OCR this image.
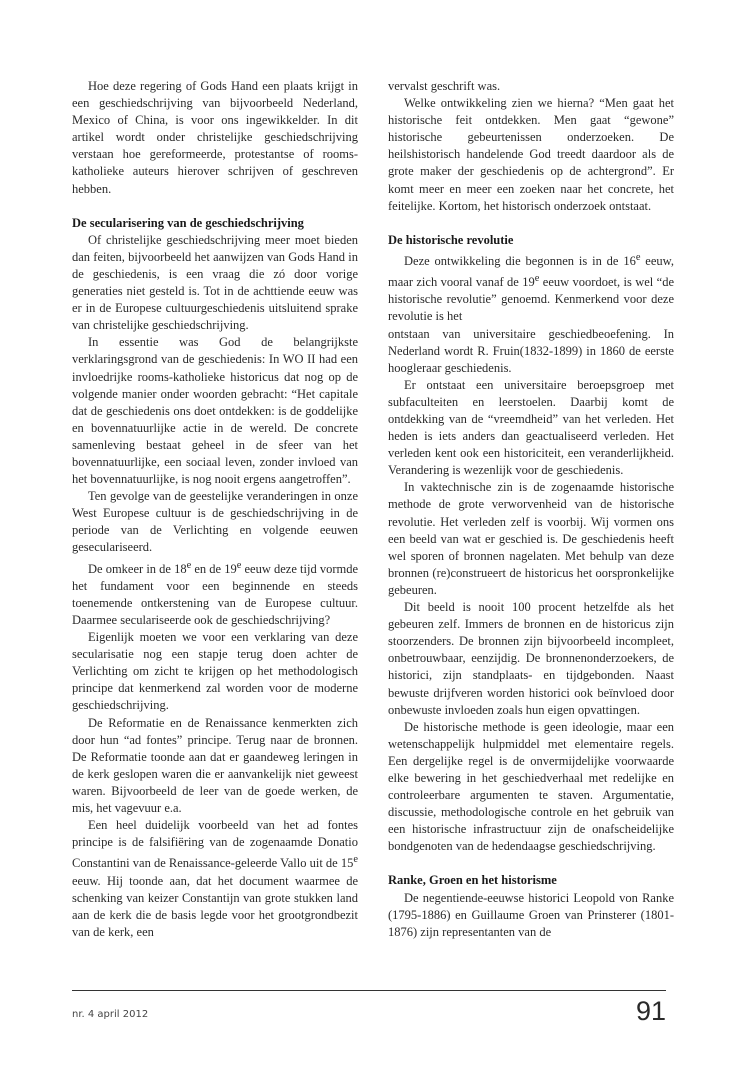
Hoe deze regering of Gods Hand een plaats krijgt in een geschiedschrijving van bijvoorbeeld Nederland, Mexico of China, is voor ons ingewikkelder. In dit artikel wordt onder christelijke geschiedschrijving verstaan hoe gereformeerde, protestantse of rooms-katholieke auteurs hierover schrijven of geschreven hebben.

De secularisering van de geschiedschrijving

Of christelijke geschiedschrijving meer moet bieden dan feiten, bijvoorbeeld het aanwijzen van Gods Hand in de geschiedenis, is een vraag die zó door vorige generaties niet gesteld is. Tot in de achttiende eeuw was er in de Europese cultuurgeschiedenis uitsluitend sprake van christelijke geschiedschrijving.

In essentie was God de belangrijkste verklaringsgrond van de geschiedenis: In WO II had een invloedrijke rooms-katholieke historicus dat nog op de volgende manier onder woorden gebracht: “Het capitale dat de geschiedenis ons doet ontdekken: is de goddelijke en bovennatuurlijke actie in de wereld. De concrete samenleving bestaat geheel in de sfeer van het bovennatuurlijke, een sociaal leven, zonder invloed van het bovennatuurlijke, is nog nooit ergens aangetroffen”.

Ten gevolge van de geestelijke veranderingen in onze West Europese cultuur is de geschiedschrijving in de periode van de Verlichting en volgende eeuwen geseculariseerd.

De omkeer in de 18e en de 19e eeuw deze tijd vormde het fundament voor een beginnende en steeds toenemende ontkerstening van de Europese cultuur. Daarmee seculariseerde ook de geschiedschrijving?

Eigenlijk moeten we voor een verklaring van deze secularisatie nog een stapje terug doen achter de Verlichting om zicht te krijgen op het methodologisch principe dat kenmerkend zal worden voor de moderne geschiedschrijving.

De Reformatie en de Renaissance kenmerkten zich door hun “ad fontes” principe. Terug naar de bronnen. De Reformatie toonde aan dat er gaandeweg leringen in de kerk geslopen waren die er aanvankelijk niet geweest waren. Bijvoorbeeld de leer van de goede werken, de mis, het vagevuur e.a.

Een heel duidelijk voorbeeld van het ad fontes principe is de falsifiëring van de zogenaamde Donatio Constantini van de Renaissance-geleerde Vallo uit de 15e eeuw. Hij toonde aan, dat het document waarmee de schenking van keizer Constantijn van grote stukken land aan de kerk die de basis legde voor het grootgrondbezit van de kerk, een

vervalst geschrift was.

Welke ontwikkeling zien we hierna? “Men gaat het historische feit ontdekken. Men gaat “gewone” historische gebeurtenissen onderzoeken. De heilshistorisch handelende God treedt daardoor als de grote maker der geschiedenis op de achtergrond”. Er komt meer en meer een zoeken naar het concrete, het feitelijke. Kortom, het historisch onderzoek ontstaat.

De historische revolutie

Deze ontwikkeling die begonnen is in de 16e eeuw, maar zich vooral vanaf de 19e eeuw voordoet, is wel “de historische revolutie” genoemd. Kenmerkend voor deze revolutie is het

ontstaan van universitaire geschiedbeoefening. In Nederland wordt R. Fruin(1832-1899) in 1860 de eerste hoogleraar geschiedenis.

Er ontstaat een universitaire beroepsgroep met subfaculteiten en leerstoelen. Daarbij komt de ontdekking van de “vreemdheid” van het verleden. Het heden is iets anders dan geactualiseerd verleden. Het verleden kent ook een historiciteit, een veranderlijkheid. Verandering is wezenlijk voor de geschiedenis.

In vaktechnische zin is de zogenaamde historische methode de grote verworvenheid van de historische revolutie. Het verleden zelf is voorbij. Wij vormen ons een beeld van wat er geschied is. De geschiedenis heeft wel sporen of bronnen nagelaten. Met behulp van deze bronnen (re)construeert de historicus het oorspronkelijke gebeuren.

Dit beeld is nooit 100 procent hetzelfde als het gebeuren zelf. Immers de bronnen en de historicus zijn stoorzenders. De bronnen zijn bijvoorbeeld incompleet, onbetrouwbaar, eenzijdig. De bronnenonderzoekers, de historici, zijn standplaats- en tijdgebonden. Naast bewuste drijfveren worden historici ook beïnvloed door onbewuste invloeden zoals hun eigen opvattingen.

De historische methode is geen ideologie, maar een wetenschappelijk hulpmiddel met elementaire regels. Een dergelijke regel is de onvermijdelijke voorwaarde elke bewering in het geschiedverhaal met redelijke en controleerbare argumenten te staven. Argumentatie, discussie, methodologische controle en het gebruik van een historische infrastructuur zijn de onafscheidelijke bondgenoten van de hedendaagse geschiedschrijving.

Ranke, Groen en het historisme

De negentiende-eeuwse historici Leopold von Ranke (1795-1886) en Guillaume Groen van Prinsterer (1801-1876) zijn representanten van de

nr. 4 april 2012	91
